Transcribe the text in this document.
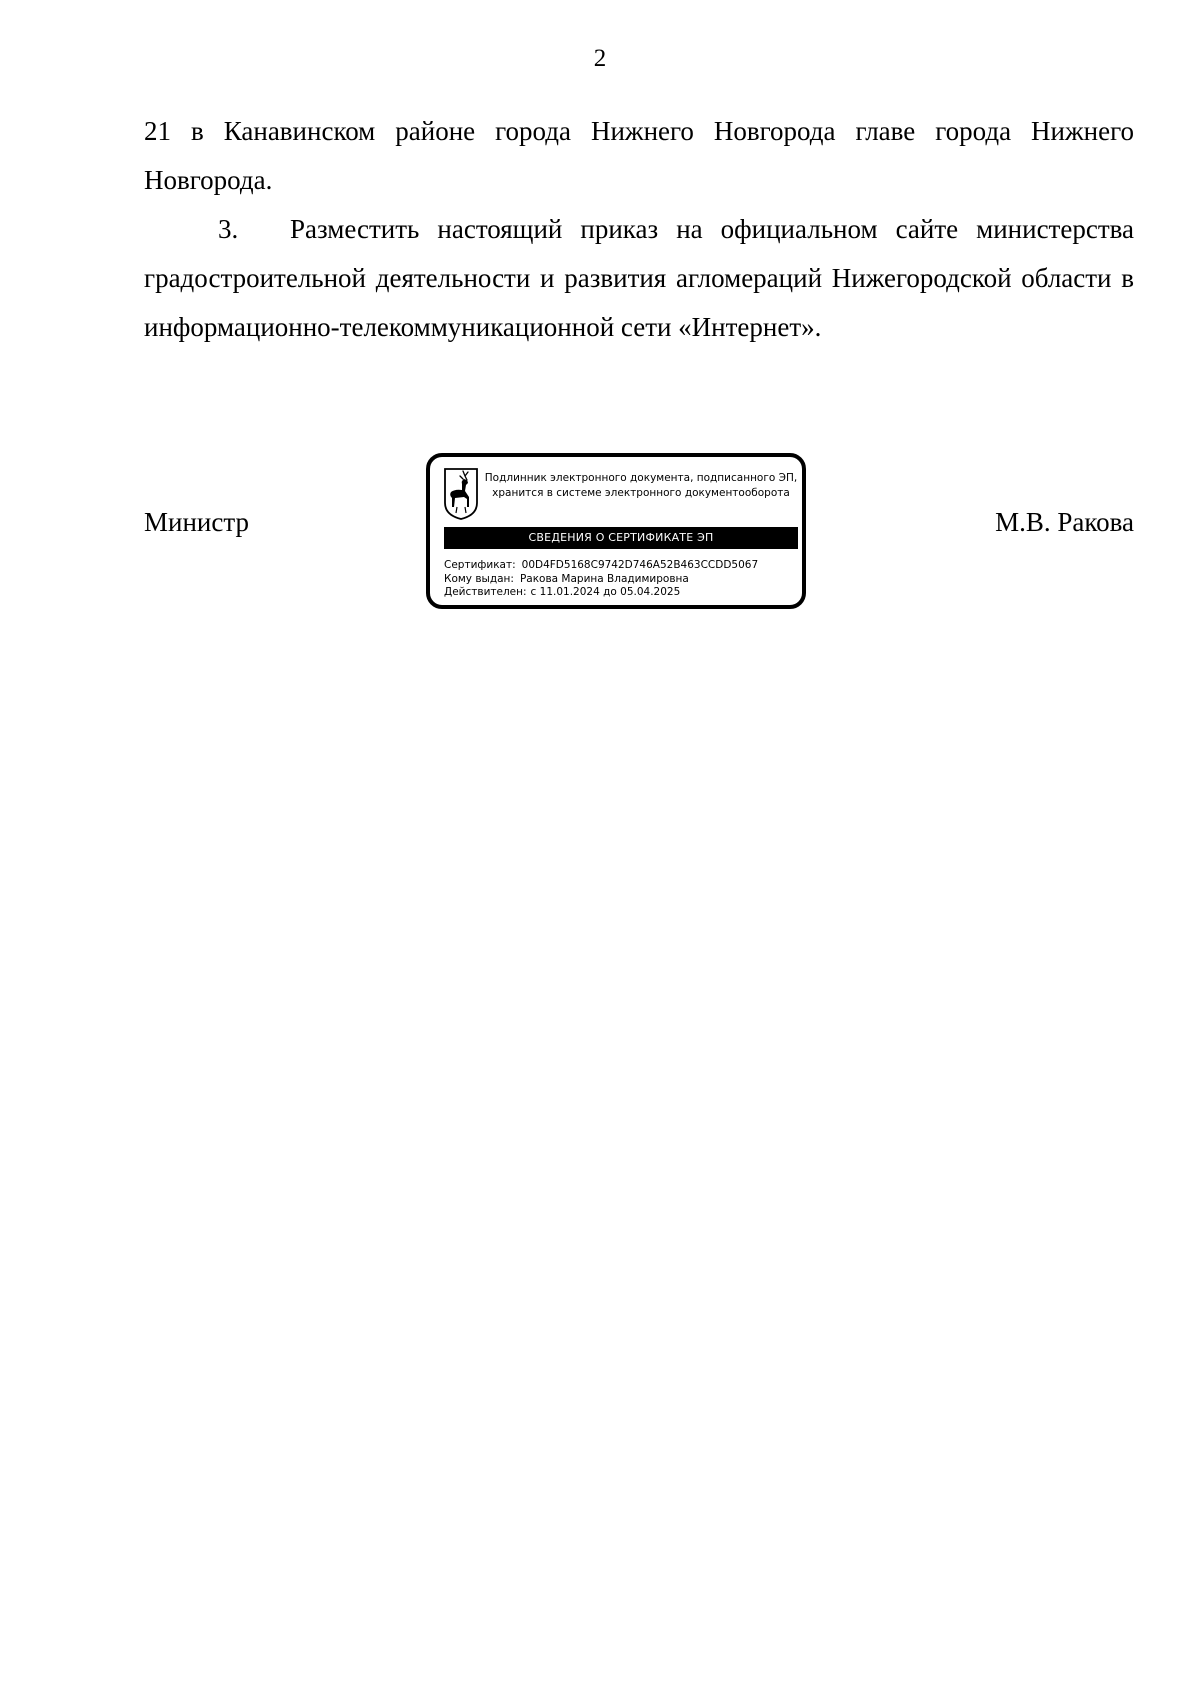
2

21 в Канавинском районе города Нижнего Новгорода главе города Нижнего Новгорода.

3. Разместить настоящий приказ на официальном сайте министерства градостроительной деятельности и развития агломераций Нижегородской области в информационно-телекоммуникационной сети «Интернет».

Министр	М.В. Ракова
Подлинник электронного документа, подписанного ЭП,
хранится в системе электронного документооборота
СВЕДЕНИЯ О СЕРТИФИКАТЕ ЭП
Сертификат: 00D4FD5168C9742D746A52B463CCDD5067
Кому выдан: Ракова Марина Владимировна
Действителен: с 11.01.2024 до 05.04.2025
